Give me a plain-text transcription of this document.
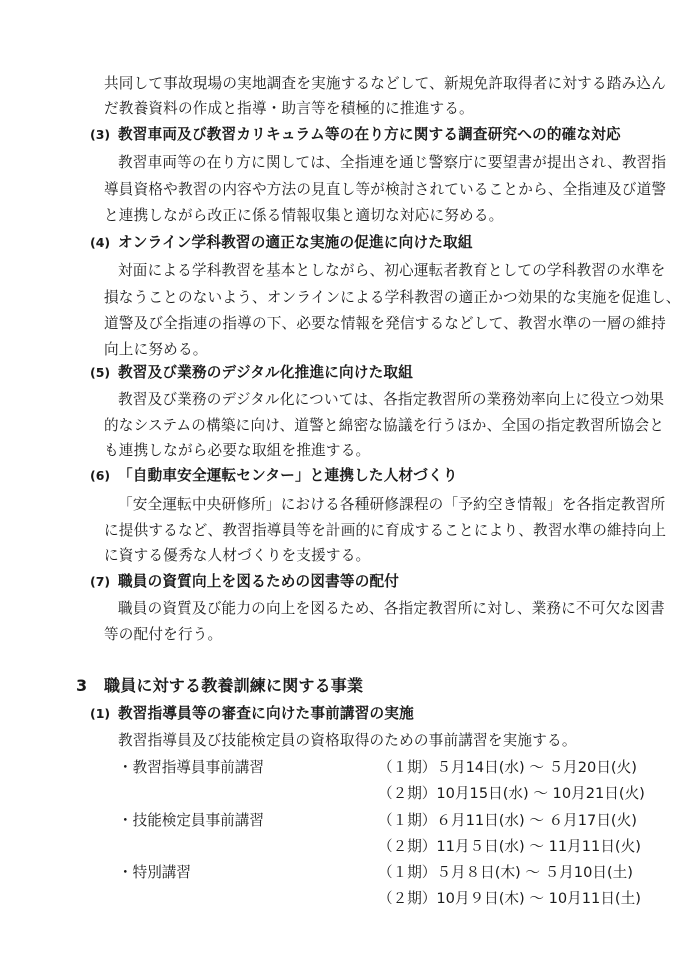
共同して事故現場の実地調査を実施するなどして、新規免許取得者に対する踏み込ん
だ教養資料の作成と指導・助言等を積極的に推進する。
(3) 教習車両及び教習カリキュラム等の在り方に関する調査研究への的確な対応
教習車両等の在り方に関しては、全指連を通じ警察庁に要望書が提出され、教習指
導員資格や教習の内容や方法の見直し等が検討されていることから、全指連及び道警
と連携しながら改正に係る情報収集と適切な対応に努める。
(4) オンライン学科教習の適正な実施の促進に向けた取組
対面による学科教習を基本としながら、初心運転者教育としての学科教習の水準を
損なうことのないよう、オンラインによる学科教習の適正かつ効果的な実施を促進し、
道警及び全指連の指導の下、必要な情報を発信するなどして、教習水準の一層の維持
向上に努める。
(5) 教習及び業務のデジタル化推進に向けた取組
教習及び業務のデジタル化については、各指定教習所の業務効率向上に役立つ効果
的なシステムの構築に向け、道警と綿密な協議を行うほか、全国の指定教習所協会と
も連携しながら必要な取組を推進する。
(6) 「自動車安全運転センター」と連携した人材づくり
「安全運転中央研修所」における各種研修課程の「予約空き情報」を各指定教習所
に提供するなど、教習指導員等を計画的に育成することにより、教習水準の維持向上
に資する優秀な人材づくりを支援する。
(7) 職員の資質向上を図るための図書等の配付
職員の資質及び能力の向上を図るため、各指定教習所に対し、業務に不可欠な図書
等の配付を行う。
3 職員に対する教養訓練に関する事業
(1) 教習指導員等の審査に向けた事前講習の実施
教習指導員及び技能検定員の資格取得のための事前講習を実施する。
・教習指導員事前講習	（１期）５月14日(水) ～ ５月20日(火)
（２期）10月15日(水) ～ 10月21日(火)
・技能検定員事前講習	（１期）６月11日(水) ～ ６月17日(火)
（２期）11月５日(水) ～ 11月11日(火)
・特別講習	（１期）５月８日(木) ～ ５月10日(土)
（２期）10月９日(木) ～ 10月11日(土)
